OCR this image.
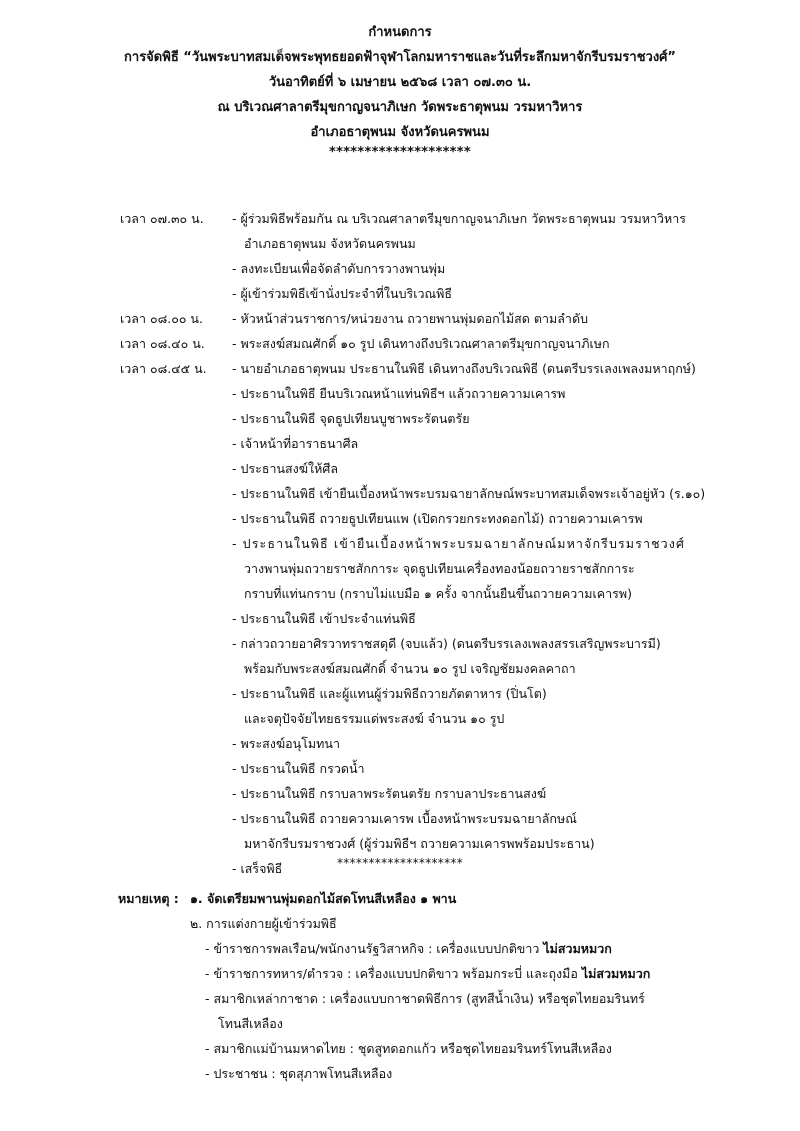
กำหนดการ
การจัดพิธี “วันพระบาทสมเด็จพระพุทธยอดฟ้าจุฬาโลกมหาราชและวันที่ระลึกมหาจักรีบรมราชวงศ์”
วันอาทิตย์ที่ ๖ เมษายน ๒๕๖๘ เวลา ๐๗.๓๐ น.
ณ บริเวณศาลาตรีมุขกาญจนาภิเษก วัดพระธาตุพนม วรมหาวิหาร
อำเภอธาตุพนม จังหวัดนครพนม
********************
เวลา ๐๗.๓๐ น. - ผู้ร่วมพิธีพร้อมกัน ณ บริเวณศาลาตรีมุขกาญจนาภิเษก วัดพระธาตุพนม วรมหาวิหาร
อำเภอธาตุพนม จังหวัดนครพนม
- ลงทะเบียนเพื่อจัดลำดับการวางพานพุ่ม
- ผู้เข้าร่วมพิธีเข้านั่งประจำที่ในบริเวณพิธี
เวลา ๐๘.๐๐ น. - หัวหน้าส่วนราชการ/หน่วยงาน ถวายพานพุ่มดอกไม้สด ตามลำดับ
เวลา ๐๘.๔๐ น. - พระสงฆ์สมณศักดิ์ ๑๐ รูป เดินทางถึงบริเวณศาลาตรีมุขกาญจนาภิเษก
เวลา ๐๘.๔๕ น. - นายอำเภอธาตุพนม ประธานในพิธี เดินทางถึงบริเวณพิธี (ดนตรีบรรเลงเพลงมหาฤกษ์)
- ประธานในพิธี ยืนบริเวณหน้าแท่นพิธีฯ แล้วถวายความเคารพ
- ประธานในพิธี จุดธูปเทียนบูชาพระรัตนตรัย
- เจ้าหน้าที่อาราธนาศีล
- ประธานสงฆ์ให้ศีล
- ประธานในพิธี เข้ายืนเบื้องหน้าพระบรมฉายาลักษณ์พระบาทสมเด็จพระเจ้าอยู่หัว (ร.๑๐)
- ประธานในพิธี ถวายธูปเทียนแพ (เปิดกรวยกระทงดอกไม้) ถวายความเคารพ
- ประธานในพิธี เข้ายืนเบื้องหน้าพระบรมฉายาลักษณ์มหาจักรีบรมราชวงศ์
วางพานพุ่มถวายราชสักการะ จุดธูปเทียนเครื่องทองน้อยถวายราชสักการะ
กราบที่แท่นกราบ (กราบไม่แบมือ ๑ ครั้ง จากนั้นยืนขึ้นถวายความเคารพ)
- ประธานในพิธี เข้าประจำแท่นพิธี
- กล่าวถวายอาศิรวาทราชสดุดี (จบแล้ว) (ดนตรีบรรเลงเพลงสรรเสริญพระบารมี)
พร้อมกับพระสงฆ์สมณศักดิ์ จำนวน ๑๐ รูป เจริญชัยมงคลคาถา
- ประธานในพิธี และผู้แทนผู้ร่วมพิธีถวายภัตตาหาร (ปิ่นโต)
และจตุปัจจัยไทยธรรมแด่พระสงฆ์ จำนวน ๑๐ รูป
- พระสงฆ์อนุโมทนา
- ประธานในพิธี กรวดน้ำ
- ประธานในพิธี กราบลาพระรัตนตรัย กราบลาประธานสงฆ์
- ประธานในพิธี ถวายความเคารพ เบื้องหน้าพระบรมฉายาลักษณ์
มหาจักรีบรมราชวงศ์ (ผู้ร่วมพิธีฯ ถวายความเคารพพร้อมประธาน)
- เสร็จพิธี	********************
หมายเหตุ : ๑. จัดเตรียมพานพุ่มดอกไม้สดโทนสีเหลือง ๑ พาน
๒. การแต่งกายผู้เข้าร่วมพิธี
- ข้าราชการพลเรือน/พนักงานรัฐวิสาหกิจ : เครื่องแบบปกติขาว ไม่สวมหมวก
- ข้าราชการทหาร/ตำรวจ : เครื่องแบบปกติขาว พร้อมกระบี่ และถุงมือ ไม่สวมหมวก
- สมาชิกเหล่ากาชาด : เครื่องแบบกาชาดพิธีการ (สูทสีน้ำเงิน) หรือชุดไทยอมรินทร์
โทนสีเหลือง
- สมาชิกแม่บ้านมหาดไทย : ชุดสูทดอกแก้ว หรือชุดไทยอมรินทร์โทนสีเหลือง
- ประชาชน : ชุดสุภาพโทนสีเหลือง
